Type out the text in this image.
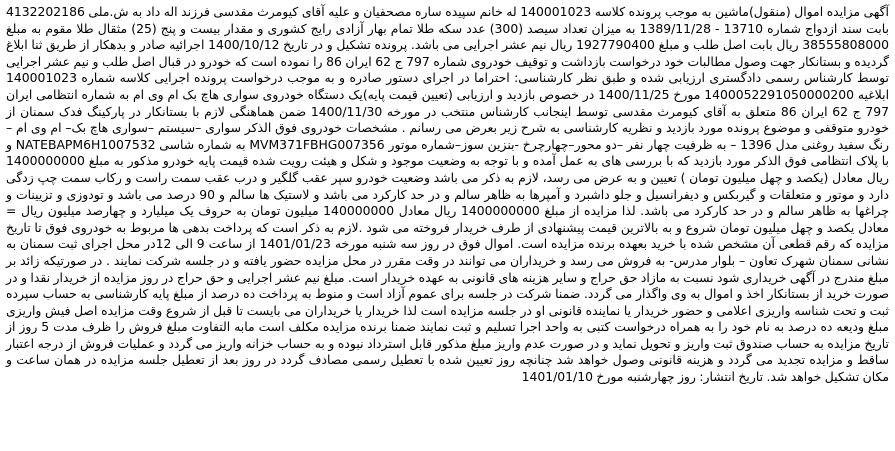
آگهی مزایده اموال (منقول)ماشین به موجب پرونده کلاسه 140001023 له خانم سپیده ساره مصحفیان و علیه آقای کیومرث مقدسی فرزند اله داد به ش.ملی 4132202186 بابت سند ازدواج شماره 13710 - 1389/11/28 به میزان تعداد سیصد (300) عدد سکه طلا تمام بهار آزادی رایج کشوری و مقدار بیست و پنج (25) مثقال طلا مقوم به مبلغ 38555808000 ریال بابت اصل طلب و مبلغ 1927790400 ریال نیم عشر اجرایی می باشد. پرونده تشکیل و در تاریخ 1400/10/12 اجرائیه صادر و بدهکار از طریق ثنا ابلاغ گردیده و بستانکار جهت وصول مطالبات خود درخواست بازداشت و توقیف خودروی شماره 797 ج 62 ایران 86 را نموده است که خودرو در قبال اصل طلب و نیم عشر اجرایی توسط کارشناس رسمی دادگستری ارزیابی شده و طبق نظر کارشناسی: احتراما در اجرای دستور صادره و به موجب درخواست پرونده اجرایی کلاسه شماره 140001023 ابلاغیه 1400052291050000200 مورخ 1400/11/25 در خصوص بازدید و ارزیابی (تعیین قیمت پایه)یک دستگاه خودروی سواری هاچ بک ام وی ام به شماره انتظامی ایران 797 ج 62 ایران 86 متعلق به آقای کیومرث مقدسی توسط اینجانب کارشناس منتخب در مورخه 1400/11/30 ضمن هماهنگی لازم با بستانکار در پارکینگ فدک سمنان از خودرو متوقفی و موضوع پرونده مورد بازدید و نظریه کارشناسی به شرح زیر بعرض می رسانم . مشخصات خودروی فوق الذکر سواری –سیستم –سواری هاچ بک– ام وی ام – رنگ سفید روغنی مدل 1396 – به ظرفیت چهار نفر –دو محور–چهارچرخ -بنزین سوز–شماره موتور MVM371FBHG007356 به شماره شاسی NATEBAPM6H1007532 و با پلاک انتظامی فوق الذکر مورد بازدید که با بررسی های به عمل آمده و با توجه به وضعیت موجود و شکل و هیئت رویت شده قیمت پایه خودرو مذکور به مبلغ 1400000000 ریال معادل (یکصد و چهل میلیون تومان ) تعیین و به عرض می رسد، لازم به ذکر می باشد وضعیت خودرو سپر عقب گلگیر و درب عقب سمت راست و رکاب سمت چپ زدگی دارد و موتور و متعلقات و گیربکس و دیفرانسیل و جلو داشبرد و آمپرها به ظاهر سالم و در حد کارکرد می باشد و لاستیک ها سالم و 90 درصد می باشد و تودوزی و تزیینات و چراغها به ظاهر سالم و در حد کارکرد می باشد. لذا مزایده از مبلغ 1400000000 ریال معادل 140000000 میلیون تومان به حروف یک میلیارد و چهارصد میلیون ریال = معادل یکصد و چهل میلیون تومان شروع و به بالاترین قیمت پیشنهادی از طرف خریدار فروخته می شود .لازم به ذکر است که پرداخت بدهی ها مربوط به خودروی فوق تا تاریخ مزایده که رقم قطعی آن مشخص شده با خرید بعهده برنده مزایده است. اموال فوق در روز سه شنبه مورخه 1401/01/23 از ساعت 9 الی 12در محل اجرای ثبت سمنان به نشانی سمنان شهرک تعاون – بلوار مدرس- به فروش می رسد و خریداران می توانند در وقت مقرر در محل مزایده حضور یافته و در جلسه شرکت نمایند . در صورتیکه زائد بر مبلغ مندرج در آگهی خریداری شود نسبت به مازاد حق حراج و سایر هزینه های قانونی به عهده خریدار است. مبلغ نیم عشر اجرایی و حق حراج در روز مزایده از خریدار نقدا و در صورت خرید از بستانکار اخذ و اموال به وی واگذار می گردد. ضمنا شرکت در جلسه برای عموم آزاد است و منوط به پرداخت ده درصد از مبلغ پایه کارشناسی به حساب سپرده ثبت و تحت شناسه واریزی اعلامی و حضور خریدار یا نماینده قانونی او در جلسه مزایده است لذا خریدار یا خریداران می بایست تا قبل از شروع وقت مزایده اصل فیش واریزی مبلغ ودیعه ده درصد به نام خود را به همراه درخواست کتبی به واحد اجرا تسلیم و ثبت نمایند ضمنا برنده مزایده مکلف است مابه التفاوت مبلغ فروش را ظرف مدت 5 روز از تاریخ مزایده به حساب صندوق ثبت واریز و تحویل نماید و در صورت عدم واریز مبلغ مذکور قابل استرداد نبوده و به حساب خزانه واریز می گردد و عملیات فروش از درجه اعتبار ساقط و مزایده تجدید می گردد و هزینه قانونی وصول خواهد شد چنانچه روز تعیین شده با تعطیل رسمی مصادف گردد در روز بعد از تعطیل جلسه مزایده در همان ساعت و مکان تشکیل خواهد شد. تاریخ انتشار: روز چهارشنبه مورخ 1401/01/10
